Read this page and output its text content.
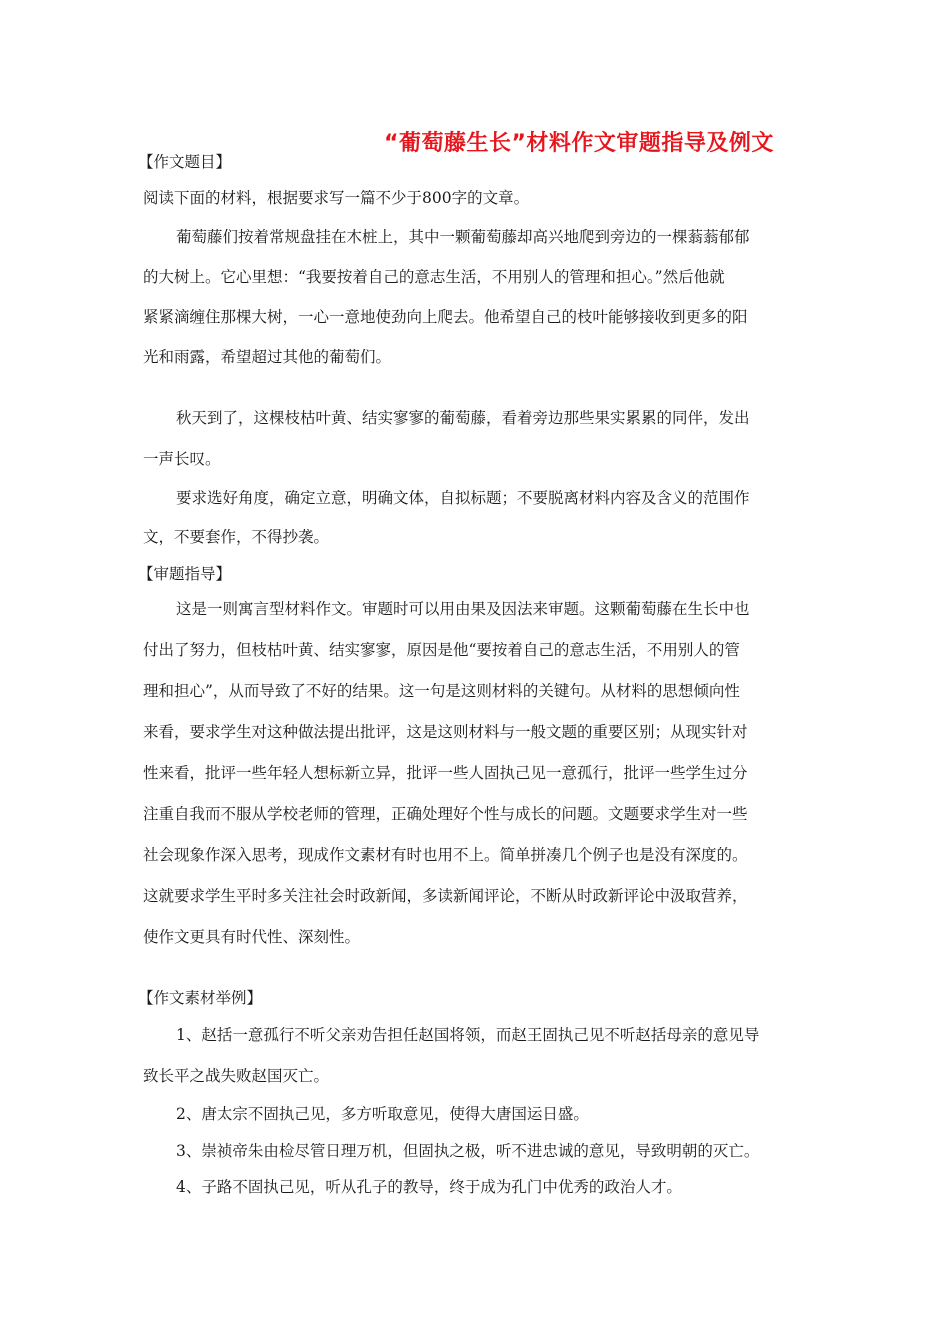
“葡萄藤生长”材料作文审题指导及例文
【作文题目】
阅读下面的材料，根据要求写一篇不少于800字的文章。
葡萄藤们按着常规盘挂在木桩上，其中一颗葡萄藤却高兴地爬到旁边的一棵蓊蓊郁郁
的大树上。它心里想：“我要按着自己的意志生活，不用别人的管理和担心。”然后他就
紧紧滴缠住那棵大树，一心一意地使劲向上爬去。他希望自己的枝叶能够接收到更多的阳
光和雨露，希望超过其他的葡萄们。
秋天到了，这棵枝枯叶黄、结实寥寥的葡萄藤，看着旁边那些果实累累的同伴，发出
一声长叹。
要求选好角度，确定立意，明确文体，自拟标题；不要脱离材料内容及含义的范围作
文，不要套作，不得抄袭。
【审题指导】
这是一则寓言型材料作文。审题时可以用由果及因法来审题。这颗葡萄藤在生长中也
付出了努力，但枝枯叶黄、结实寥寥，原因是他“要按着自己的意志生活，不用别人的管
理和担心”，从而导致了不好的结果。这一句是这则材料的关键句。从材料的思想倾向性
来看，要求学生对这种做法提出批评，这是这则材料与一般文题的重要区别；从现实针对
性来看，批评一些年轻人想标新立异，批评一些人固执己见一意孤行，批评一些学生过分
注重自我而不服从学校老师的管理，正确处理好个性与成长的问题。文题要求学生对一些
社会现象作深入思考，现成作文素材有时也用不上。简单拼凑几个例子也是没有深度的。
这就要求学生平时多关注社会时政新闻，多读新闻评论，不断从时政新评论中汲取营养，
使作文更具有时代性、深刻性。
【作文素材举例】
1、赵括一意孤行不听父亲劝告担任赵国将领，而赵王固执己见不听赵括母亲的意见导
致长平之战失败赵国灭亡。
2、唐太宗不固执己见，多方听取意见，使得大唐国运日盛。
3、崇祯帝朱由检尽管日理万机，但固执之极，听不进忠诚的意见，导致明朝的灭亡。
4、子路不固执己见，听从孔子的教导，终于成为孔门中优秀的政治人才。
